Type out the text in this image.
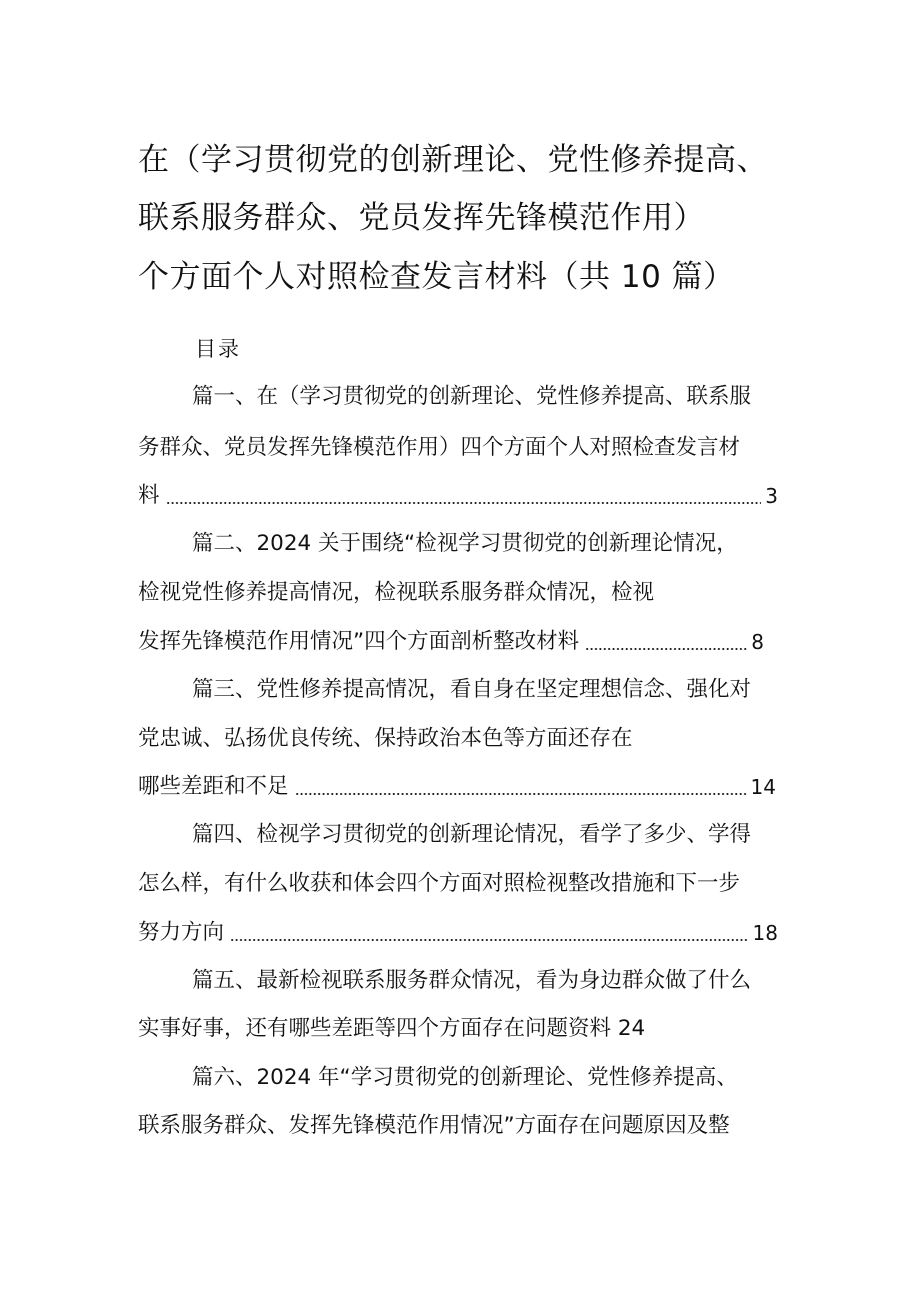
在（学习贯彻党的创新理论、党性修养提高、
联系服务群众、党员发挥先锋模范作用）
个方面个人对照检查发言材料（共 10 篇）
目录
篇一、在（学习贯彻党的创新理论、党性修养提高、联系服
务群众、党员发挥先锋模范作用）四个方面个人对照检查发言材
料	3
篇二、2024 关于围绕“检视学习贯彻党的创新理论情况，
检视党性修养提高情况，检视联系服务群众情况，检视
发挥先锋模范作用情况”四个方面剖析整改材料	8
篇三、党性修养提高情况，看自身在坚定理想信念、强化对
党忠诚、弘扬优良传统、保持政治本色等方面还存在
哪些差距和不足	14
篇四、检视学习贯彻党的创新理论情况，看学了多少、学得
怎么样，有什么收获和体会四个方面对照检视整改措施和下一步
努力方向	18
篇五、最新检视联系服务群众情况，看为身边群众做了什么
实事好事，还有哪些差距等四个方面存在问题资料 24
篇六、2024 年“学习贯彻党的创新理论、党性修养提高、
联系服务群众、发挥先锋模范作用情况”方面存在问题原因及整
